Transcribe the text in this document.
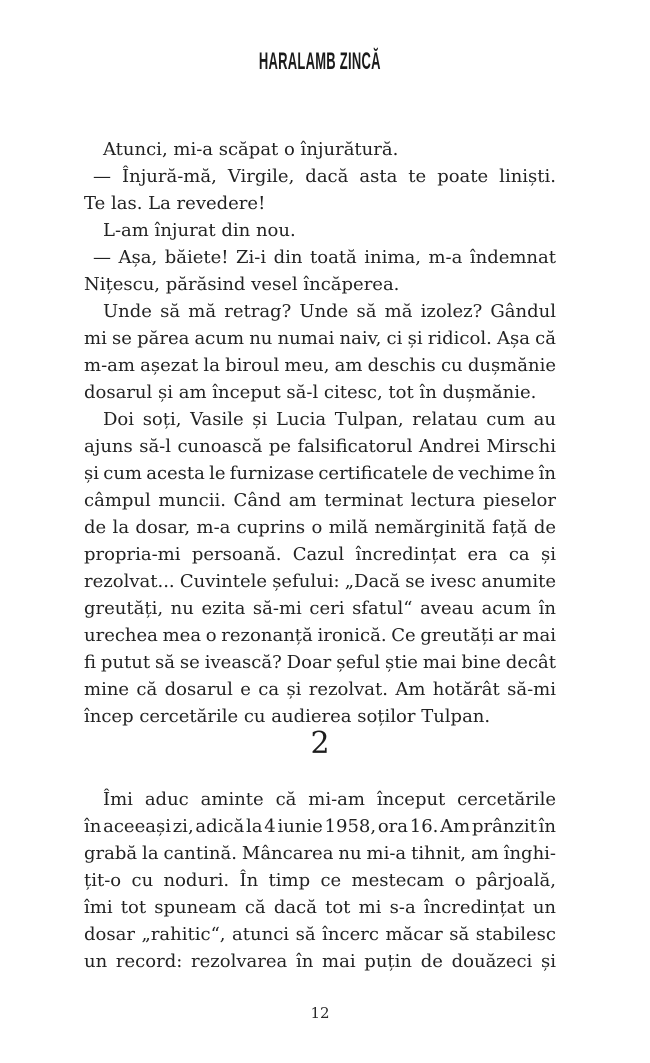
HARALAMB ZINCĂ
Atunci, mi-a scăpat o înjurătură.
— Înjură-mă, Virgile, dacă asta te poate liniști.
Te las. La revedere!
L-am înjurat din nou.
— Așa, băiete! Zi-i din toată inima, m-a îndemnat
Nițescu, părăsind vesel încăperea.
Unde să mă retrag? Unde să mă izolez? Gândul
mi se părea acum nu numai naiv, ci și ridicol. Așa că
m-am așezat la biroul meu, am deschis cu dușmănie
dosarul și am început să-l citesc, tot în dușmănie.
Doi soți, Vasile și Lucia Tulpan, relatau cum au
ajuns să-l cunoască pe falsificatorul Andrei Mirschi
și cum acesta le furnizase certificatele de vechime în
câmpul muncii. Când am terminat lectura pieselor
de la dosar, m-a cuprins o milă nemărginită față de
propria-mi persoană. Cazul încredințat era ca și
rezolvat... Cuvintele șefului: „Dacă se ivesc anumite
greutăți, nu ezita să-mi ceri sfatul“ aveau acum în
urechea mea o rezonanță ironică. Ce greutăți ar mai
fi putut să se ivească? Doar șeful știe mai bine decât
mine că dosarul e ca și rezolvat. Am hotărât să-mi
încep cercetările cu audierea soților Tulpan.
2
Îmi aduc aminte că mi-am început cercetările
în aceeași zi, adică la 4 iunie 1958, ora 16. Am prânzit în
grabă la cantină. Mâncarea nu mi-a tihnit, am înghi-
țit-o cu noduri. În timp ce mestecam o pârjoală,
îmi tot spuneam că dacă tot mi s-a încredințat un
dosar „rahitic“, atunci să încerc măcar să stabilesc
un record: rezolvarea în mai puțin de douăzeci și
12
